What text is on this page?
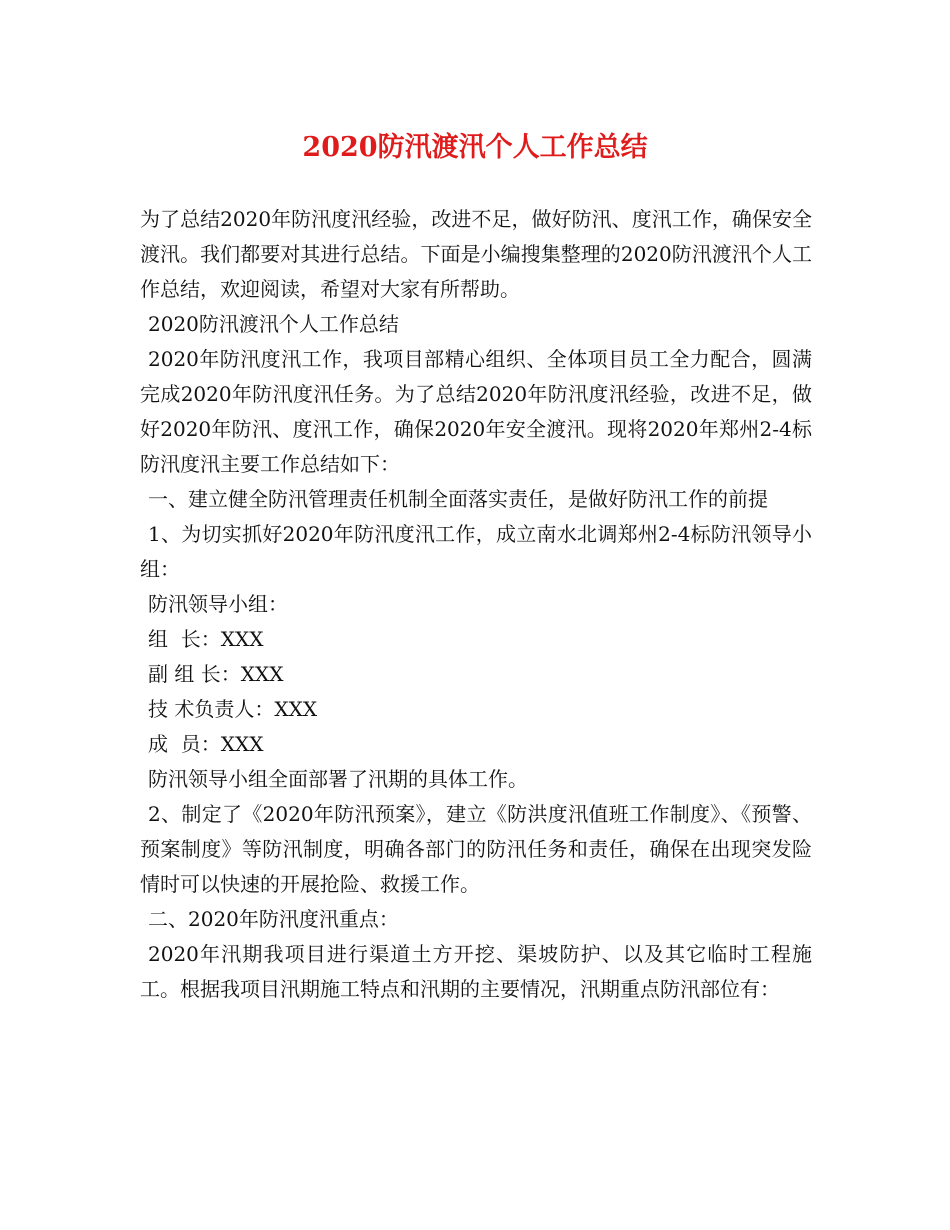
2020防汛渡汛个人工作总结

为了总结2020年防汛度汛经验，改进不足，做好防汛、度汛工作，确保安全渡汛。我们都要对其进行总结。下面是小编搜集整理的2020防汛渡汛个人工作总结，欢迎阅读，希望对大家有所帮助。

2020防汛渡汛个人工作总结

2020年防汛度汛工作，我项目部精心组织、全体项目员工全力配合，圆满完成2020年防汛度汛任务。为了总结2020年防汛度汛经验，改进不足，做好2020年防汛、度汛工作，确保2020年安全渡汛。现将2020年郑州2-4标防汛度汛主要工作总结如下：

一、建立健全防汛管理责任机制全面落实责任，是做好防汛工作的前提

1、为切实抓好2020年防汛度汛工作，成立南水北调郑州2-4标防汛领导小组：

防汛领导小组：

组  长：XXX

副 组 长：XXX

技 术负责人：XXX

成  员：XXX

防汛领导小组全面部署了汛期的具体工作。

2、制定了《2020年防汛预案》，建立《防洪度汛值班工作制度》、《预警、预案制度》等防汛制度，明确各部门的防汛任务和责任，确保在出现突发险情时可以快速的开展抢险、救援工作。

二、2020年防汛度汛重点：

2020年汛期我项目进行渠道土方开挖、渠坡防护、以及其它临时工程施工。根据我项目汛期施工特点和汛期的主要情况，汛期重点防汛部位有：
